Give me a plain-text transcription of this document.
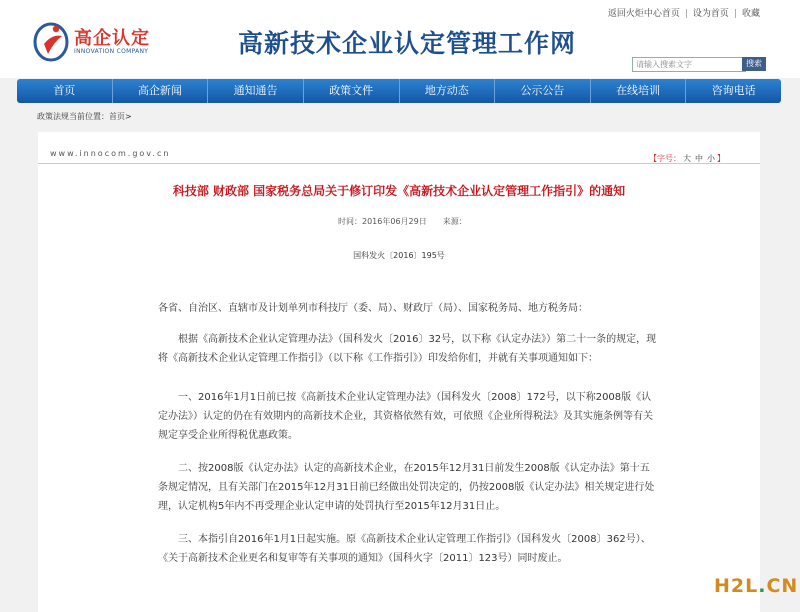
返回火炬中心首页 | 设为首页 | 收藏
高企认定
INNOVATION COMPANY	高新技术企业认定管理工作网
请输入搜索文字
搜索
首页	高企新闻	通知通告	政策文件	地方动态	公示公告	在线培训	咨询电话
政策法规当前位置：首页>
www.innocom.gov.cn
【字号： 大 中 小 】
科技部 财政部 国家税务总局关于修订印发《高新技术企业认定管理工作指引》的通知
时间：2016年06月29日　　来源：
国科发火〔2016〕195号

各省、自治区、直辖市及计划单列市科技厅（委、局）、财政厅（局）、国家税务局、地方税务局：

根据《高新技术企业认定管理办法》（国科发火〔2016〕32号，以下称《认定办法》）第二十一条的规定，现将《高新技术企业认定管理工作指引》（以下称《工作指引》）印发给你们，并就有关事项通知如下：

一、2016年1月1日前已按《高新技术企业认定管理办法》（国科发火〔2008〕172号，以下称2008版《认定办法》）认定的仍在有效期内的高新技术企业，其资格依然有效，可依照《企业所得税法》及其实施条例等有关规定享受企业所得税优惠政策。

二、按2008版《认定办法》认定的高新技术企业，在2015年12月31日前发生2008版《认定办法》第十五条规定情况，且有关部门在2015年12月31日前已经做出处罚决定的，仍按2008版《认定办法》相关规定进行处理，认定机构5年内不再受理企业认定申请的处罚执行至2015年12月31日止。

三、本指引自2016年1月1日起实施。原《高新技术企业认定管理工作指引》（国科发火〔2008〕362号）、《关于高新技术企业更名和复审等有关事项的通知》（国科火字〔2011〕123号）同时废止。

H2L.CN
